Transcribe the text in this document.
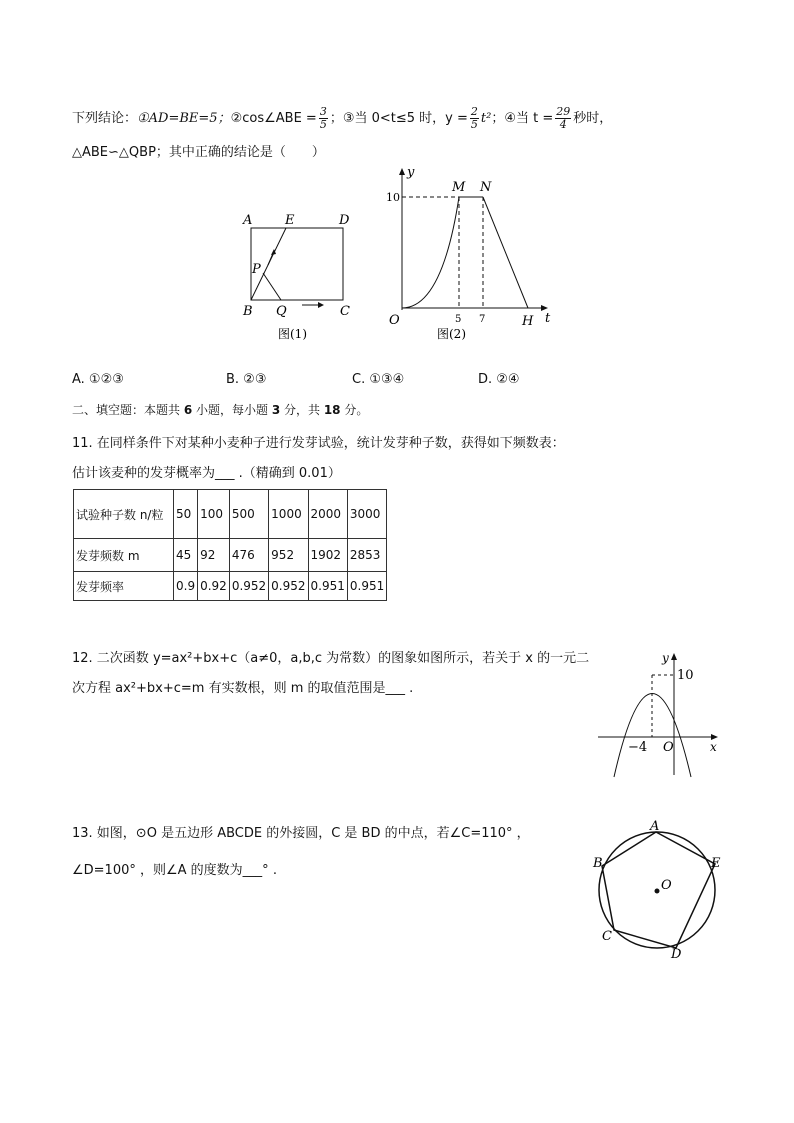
下列结论：①AD=BE=5；②cos∠ABE = $\frac{3}{5}$ ；③当 0<t≤5 时，$y = \frac{2}{5} t^2$；④当 $t = \frac{29}{4}$ 秒时，
△ABE∽△QBP；其中正确的结论是（　　）
A	E	D
P
B Q	C
图(1)
y
M N
10
O	5 7	H t
图(2)
A. ①②③	B. ②③	C. ①③④	D. ②④
二、填空题：本题共 6 小题，每小题 3 分，共 18 分。
11. 在同样条件下对某种小麦种子进行发芽试验，统计发芽种子数，获得如下频数表：
估计该麦种的发芽概率为___ .（精确到 0.01）
试验种子数 n/粒	50	100	500	1000	2000	3000
发芽频数 m	45	92	476	952	1902	2853
发芽频率	0.9	0.92	0.952	0.952	0.951	0.951
12. 二次函数 y=ax²+bx+c（a≠0，a,b,c 为常数）的图象如图所示，若关于 x 的一元二
次方程 ax²+bx+c=m 有实数根，则 m 的取值范围是___ .
y
10
−4 O	x
13. 如图，⊙O 是五边形 ABCDE 的外接圆，C 是 BD 的中点，若∠C=110° ，
∠D=100° ，则∠A 的度数为___° .
A
E
B
O
C
D
